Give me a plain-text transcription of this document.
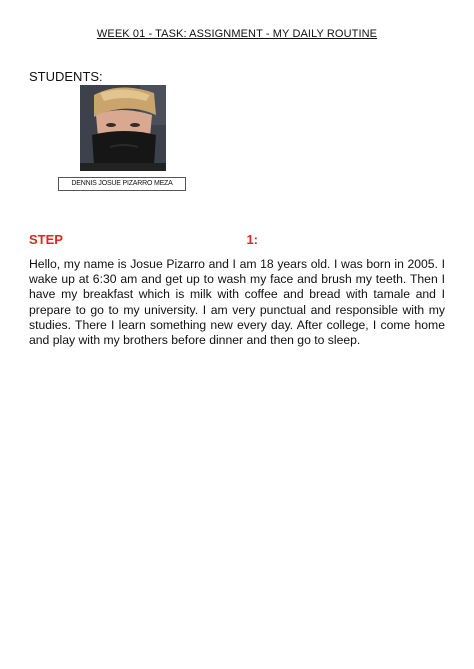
WEEK 01 - TASK: ASSIGNMENT - MY DAILY ROUTINE
STUDENTS:
DENNIS JOSUE PIZARRO MEZA
STEP	1:

Hello, my name is Josue Pizarro and I am 18 years old. I was born in 2005. I wake up at 6:30 am and get up to wash my face and brush my teeth. Then I have my breakfast which is milk with coffee and bread with tamale and I prepare to go to my university. I am very punctual and responsible with my studies. There I learn something new every day. After college, I come home and play with my brothers before dinner and then go to sleep.
